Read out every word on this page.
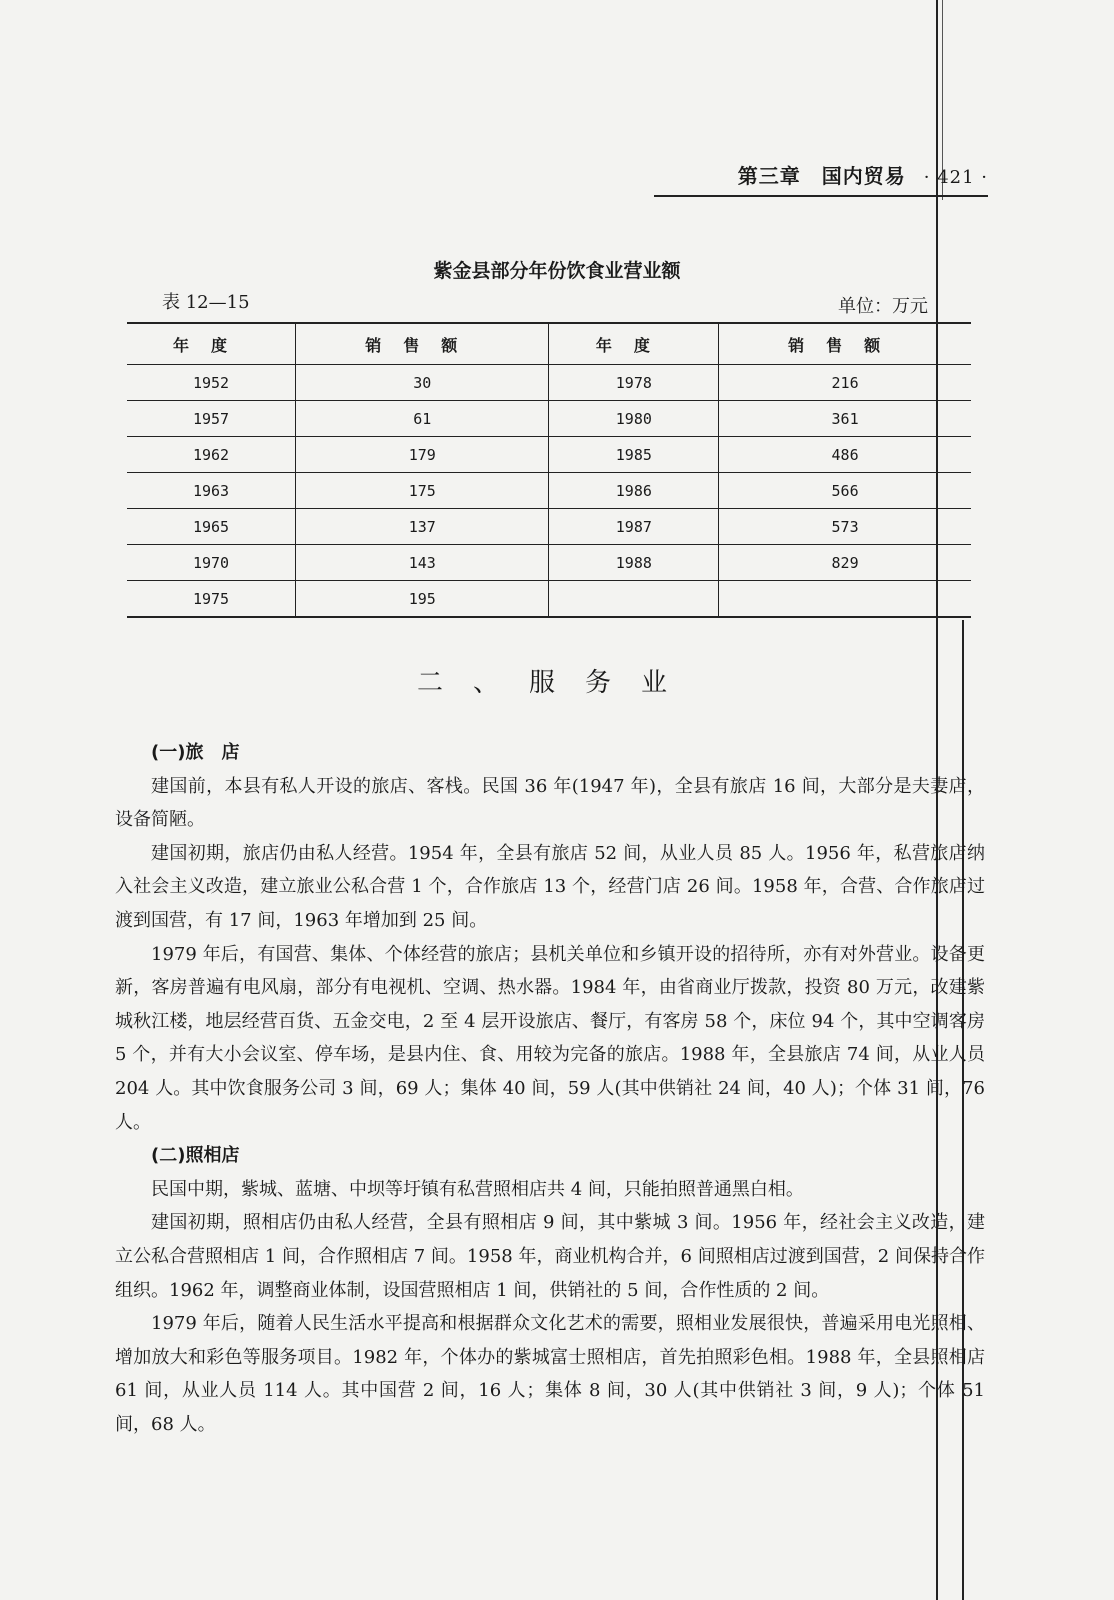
第三章　国内贸易 · 421 ·
紫金县部分年份饮食业营业额
表 12—15	单位：万元
年度	销售额	年度	销售额
1952	30	1978	216
1957	61	1980	361
1962	179	1985	486
1963	175	1986	566
1965	137	1987	573
1970	143	1988	829
1975	195		
二、服务业
(一)旅　店

建国前，本县有私人开设的旅店、客栈。民国 36 年(1947 年)，全县有旅店 16 间，大部分是夫妻店，设备简陋。

建国初期，旅店仍由私人经营。1954 年，全县有旅店 52 间，从业人员 85 人。1956 年，私营旅店纳入社会主义改造，建立旅业公私合营 1 个，合作旅店 13 个，经营门店 26 间。1958 年，合营、合作旅店过渡到国营，有 17 间，1963 年增加到 25 间。

1979 年后，有国营、集体、个体经营的旅店；县机关单位和乡镇开设的招待所，亦有对外营业。设备更新，客房普遍有电风扇，部分有电视机、空调、热水器。1984 年，由省商业厅拨款，投资 80 万元，改建紫城秋江楼，地层经营百货、五金交电，2 至 4 层开设旅店、餐厅，有客房 58 个，床位 94 个，其中空调客房 5 个，并有大小会议室、停车场，是县内住、食、用较为完备的旅店。1988 年，全县旅店 74 间，从业人员 204 人。其中饮食服务公司 3 间，69 人；集体 40 间，59 人(其中供销社 24 间，40 人)；个体 31 间，76 人。

(二)照相店

民国中期，紫城、蓝塘、中坝等圩镇有私营照相店共 4 间，只能拍照普通黑白相。

建国初期，照相店仍由私人经营，全县有照相店 9 间，其中紫城 3 间。1956 年，经社会主义改造，建立公私合营照相店 1 间，合作照相店 7 间。1958 年，商业机构合并，6 间照相店过渡到国营，2 间保持合作组织。1962 年，调整商业体制，设国营照相店 1 间，供销社的 5 间，合作性质的 2 间。

1979 年后，随着人民生活水平提高和根据群众文化艺术的需要，照相业发展很快，普遍采用电光照相、增加放大和彩色等服务项目。1982 年，个体办的紫城富士照相店，首先拍照彩色相。1988 年，全县照相店 61 间，从业人员 114 人。其中国营 2 间，16 人；集体 8 间，30 人(其中供销社 3 间，9 人)；个体 51 间，68 人。
